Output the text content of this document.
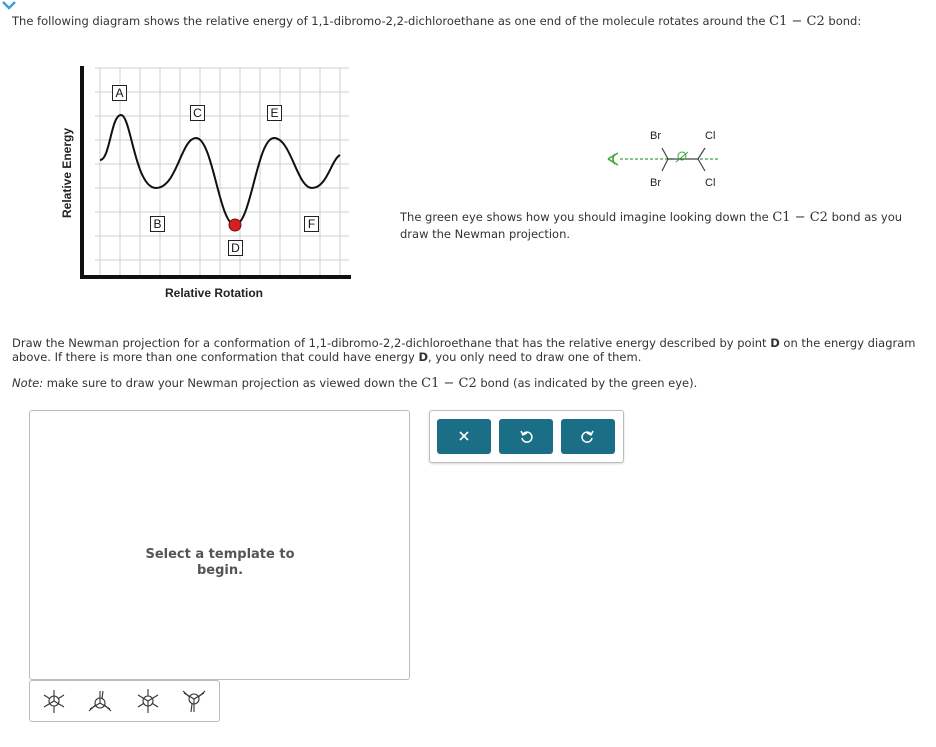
The following diagram shows the relative energy of 1,1-dibromo-2,2-dichloroethane as one end of the molecule rotates around the C1 − C2 bond:
A
B
C
D
E
F
Relative Energy
Relative Rotation
Br	Cl
Br	Cl
The green eye shows how you should imagine looking down the C1 − C2 bond as you draw the Newman projection.
Draw the Newman projection for a conformation of 1,1-dibromo-2,2-dichloroethane that has the relative energy described by point D on the energy diagram above. If there is more than one conformation that could have energy D, you only need to draw one of them.
Note: make sure to draw your Newman projection as viewed down the C1 − C2 bond (as indicated by the green eye).
Select a template to begin.
